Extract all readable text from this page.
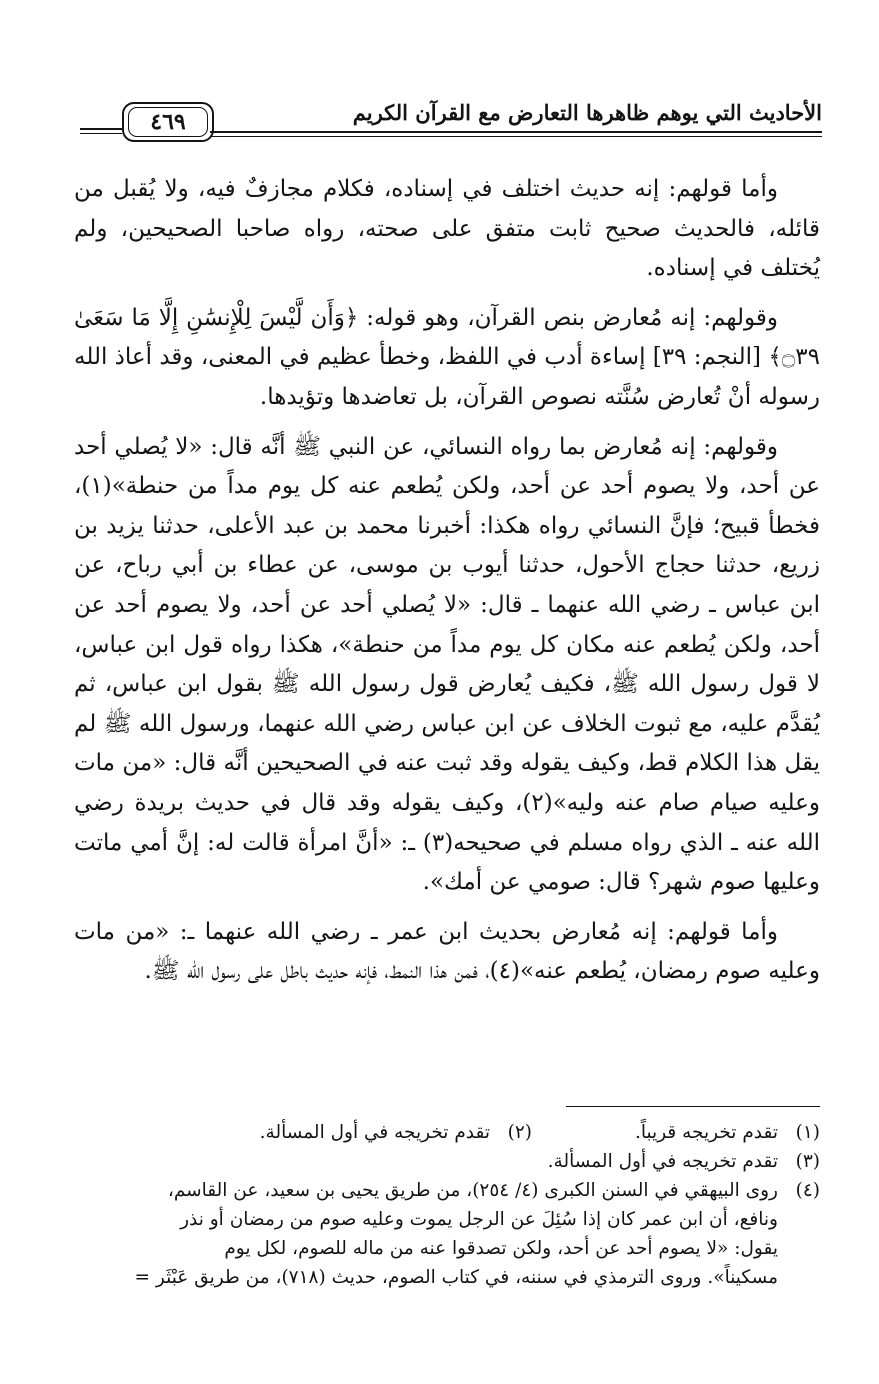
الأحاديث التي يوهم ظاهرها التعارض مع القرآن الكريم
٤٦٩

وأما قولهم: إنه حديث اختلف في إسناده، فكلام مجازفٌ فيه، ولا يُقبل من قائله، فالحديث صحيح ثابت متفق على صحته، رواه صاحبا الصحيحين، ولم يُختلف في إسناده.

وقولهم: إنه مُعارض بنص القرآن، وهو قوله: ﴿وَأَن لَّيْسَ لِلْإِنسَٰنِ إِلَّا مَا سَعَىٰ ۝٣٩﴾ [النجم: ٣٩] إساءة أدب في اللفظ، وخطأ عظيم في المعنى، وقد أعاذ الله رسوله أنْ تُعارض سُنَّته نصوص القرآن، بل تعاضدها وتؤيدها.

وقولهم: إنه مُعارض بما رواه النسائي، عن النبي ﷺ أنَّه قال: «لا يُصلي أحد عن أحد، ولا يصوم أحد عن أحد، ولكن يُطعم عنه كل يوم مداً من حنطة»(١)، فخطأ قبيح؛ فإنَّ النسائي رواه هكذا: أخبرنا محمد بن عبد الأعلى، حدثنا يزيد بن زريع، حدثنا حجاج الأحول، حدثنا أيوب بن موسى، عن عطاء بن أبي رباح، عن ابن عباس ـ رضي الله عنهما ـ قال: «لا يُصلي أحد عن أحد، ولا يصوم أحد عن أحد، ولكن يُطعم عنه مكان كل يوم مداً من حنطة»، هكذا رواه قول ابن عباس، لا قول رسول الله ﷺ، فكيف يُعارض قول رسول الله ﷺ بقول ابن عباس، ثم يُقدَّم عليه، مع ثبوت الخلاف عن ابن عباس رضي الله عنهما، ورسول الله ﷺ لم يقل هذا الكلام قط، وكيف يقوله وقد ثبت عنه في الصحيحين أنَّه قال: «من مات وعليه صيام صام عنه وليه»(٢)، وكيف يقوله وقد قال في حديث بريدة رضي الله عنه ـ الذي رواه مسلم في صحيحه(٣) ـ: «أنَّ امرأة قالت له: إنَّ أمي ماتت وعليها صوم شهر؟ قال: صومي عن أمك».

وأما قولهم: إنه مُعارض بحديث ابن عمر ـ رضي الله عنهما ـ: «من مات وعليه صوم رمضان، يُطعم عنه»(٤)، فمن هذا النمط، فإنه حديث باطل على رسول الله ﷺ.

(١)تقدم تخريجه قريباً.
(٢)تقدم تخريجه في أول المسألة.
(٣)تقدم تخريجه في أول المسألة.
(٤)
روى البيهقي في السنن الكبرى (٤/ ٢٥٤)، من طريق يحيى بن سعيد، عن القاسم،
ونافع، أن ابن عمر كان إذا سُئِلَ عن الرجل يموت وعليه صوم من رمضان أو نذر
يقول: «لا يصوم أحد عن أحد، ولكن تصدقوا عنه من ماله للصوم، لكل يوم
مسكيناً». وروى الترمذي في سننه، في كتاب الصوم، حديث (٧١٨)، من طريق عَبْثَر =
